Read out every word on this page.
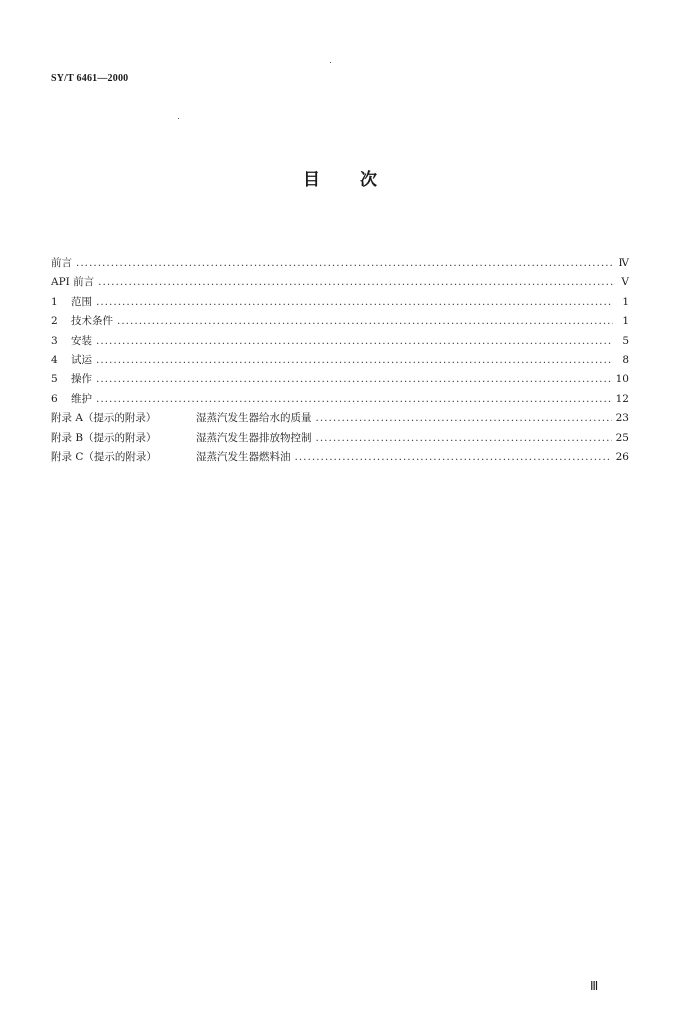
SY/T 6461—2000
目 次
前言 .....	Ⅳ
API 前言 .....	Ⅴ
1	范围 .....	1
2	技术条件 .....	1
3	安装 .....	5
4	试运 .....	8
5	操作 .....	10
6	维护 .....	12
附录 A（提示的附录）	湿蒸汽发生器给水的质量 .....	23
附录 B（提示的附录）	湿蒸汽发生器排放物控制 .....	25
附录 C（提示的附录）	湿蒸汽发生器燃料油 .....	26
Ⅲ
